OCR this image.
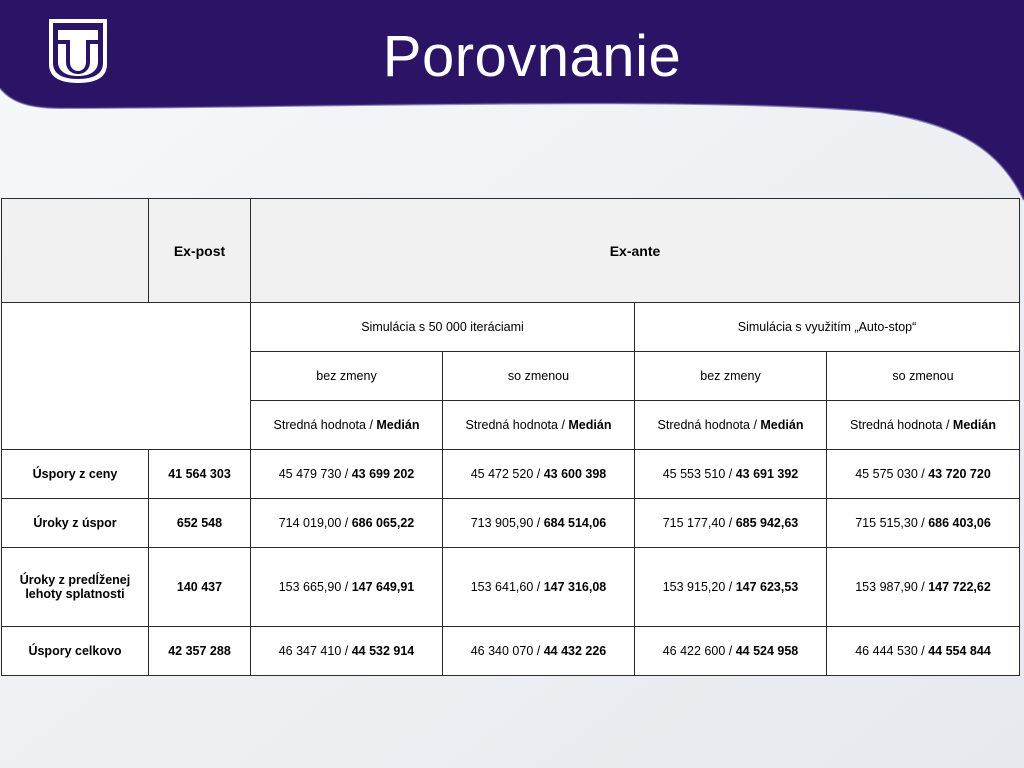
Porovnanie
	Ex-post	Ex-ante			
		Simulácia s 50 000 iteráciami		Simulácia s využitím „Auto-stop“	
		bez zmeny	so zmenou	bez zmeny	so zmenou
		Stredná hodnota / Medián	Stredná hodnota / Medián	Stredná hodnota / Medián	Stredná hodnota / Medián
Úspory z ceny	41 564 303	45 479 730 / 43 699 202	45 472 520 / 43 600 398	45 553 510 / 43 691 392	45 575 030 / 43 720 720
Úroky z úspor	652 548	714 019,00 / 686 065,22	713 905,90 / 684 514,06	715 177,40 / 685 942,63	715 515,30 / 686 403,06
Úroky z predĺženej lehoty splatnosti	140 437	153 665,90 / 147 649,91	153 641,60 / 147 316,08	153 915,20 / 147 623,53	153 987,90 / 147 722,62
Úspory celkovo	42 357 288	46 347 410 / 44 532 914	46 340 070 / 44 432 226	46 422 600 / 44 524 958	46 444 530 / 44 554 844
